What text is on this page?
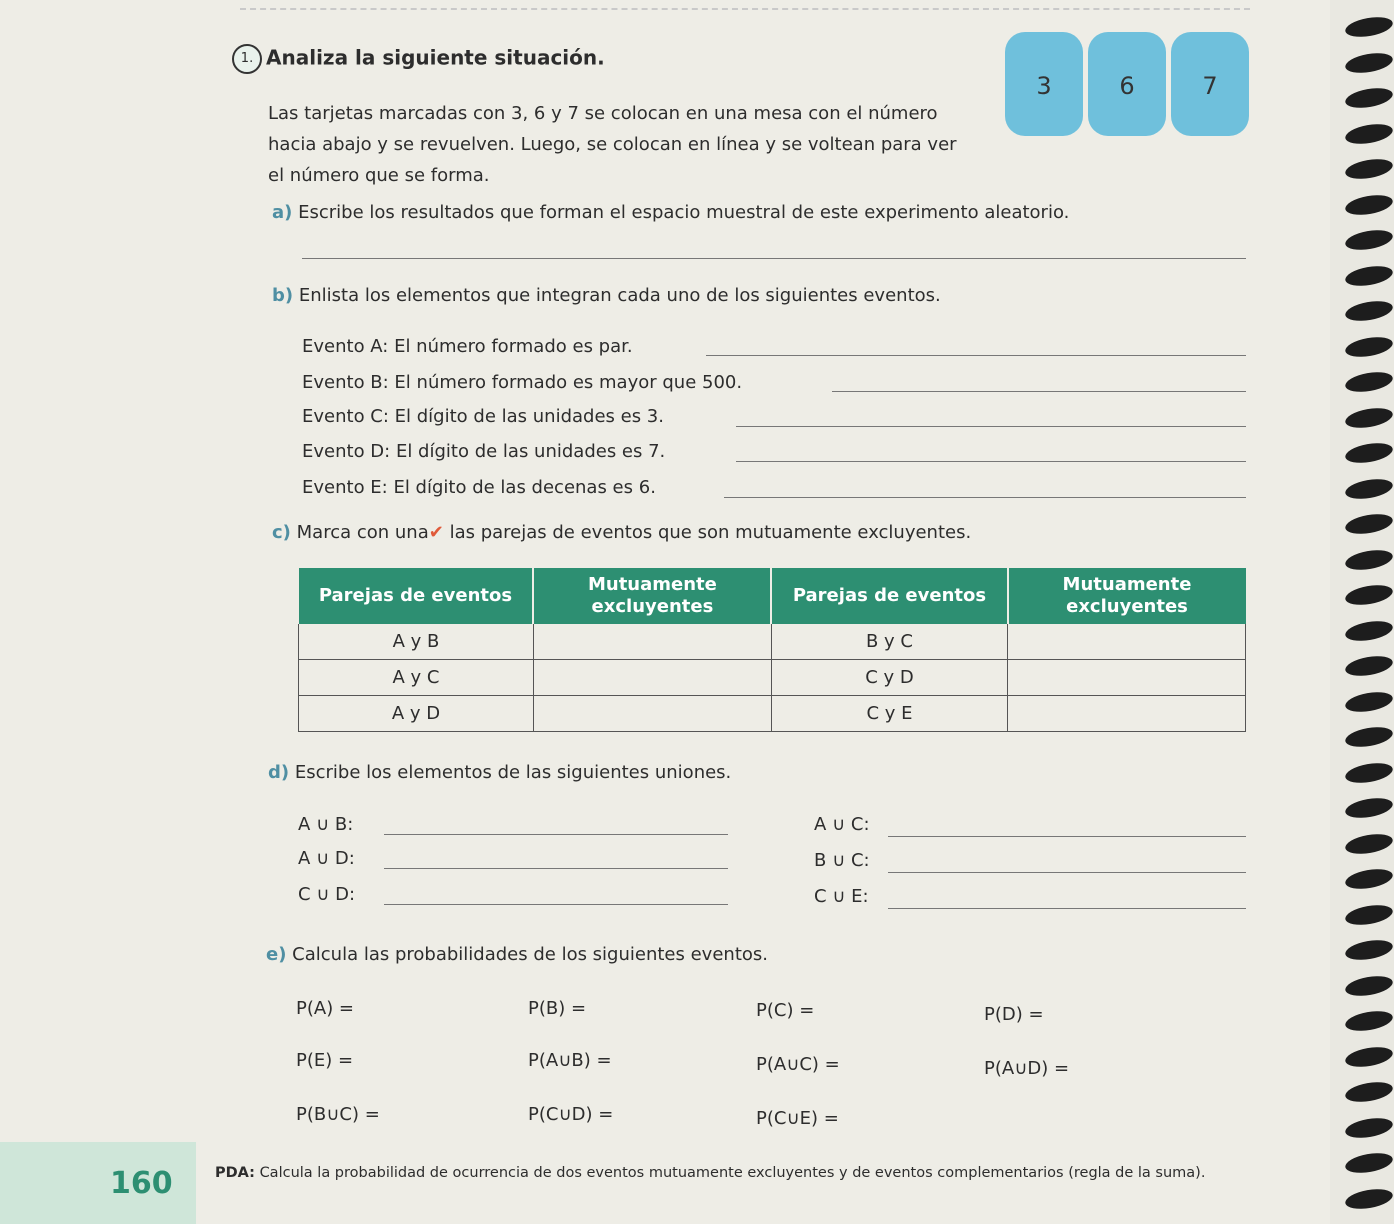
1. Analiza la siguiente situación.
Las tarjetas marcadas con 3, 6 y 7 se colocan en una mesa con el número hacia abajo y se revuelven. Luego, se colocan en línea y se voltean para ver el número que se forma.
3	6	7
a) Escribe los resultados que forman el espacio muestral de este experimento aleatorio.
b) Enlista los elementos que integran cada uno de los siguientes eventos.
Evento A: El número formado es par.
Evento B: El número formado es mayor que 500.
Evento C: El dígito de las unidades es 3.
Evento D: El dígito de las unidades es 7.
Evento E: El dígito de las decenas es 6.
c) Marca con una✔ las parejas de eventos que son mutuamente excluyentes.
Parejas de eventos	Mutuamente excluyentes	Parejas de eventos	Mutuamente excluyentes
A y B		B y C	
A y C		C y D	
A y D		C y E	
d) Escribe los elementos de las siguientes uniones.
A ∪ B:	A ∪ C:
A ∪ D:	B ∪ C:
C ∪ D:	C ∪ E:
e) Calcula las probabilidades de los siguientes eventos.
P(A) =	P(B) =	P(C) =	P(D) =
P(E) =	P(A∪B) =	P(A∪C) =	P(A∪D) =
P(B∪C) =	P(C∪D) =	P(C∪E) =
160	PDA: Calcula la probabilidad de ocurrencia de dos eventos mutuamente excluyentes y de eventos complementarios (regla de la suma).
